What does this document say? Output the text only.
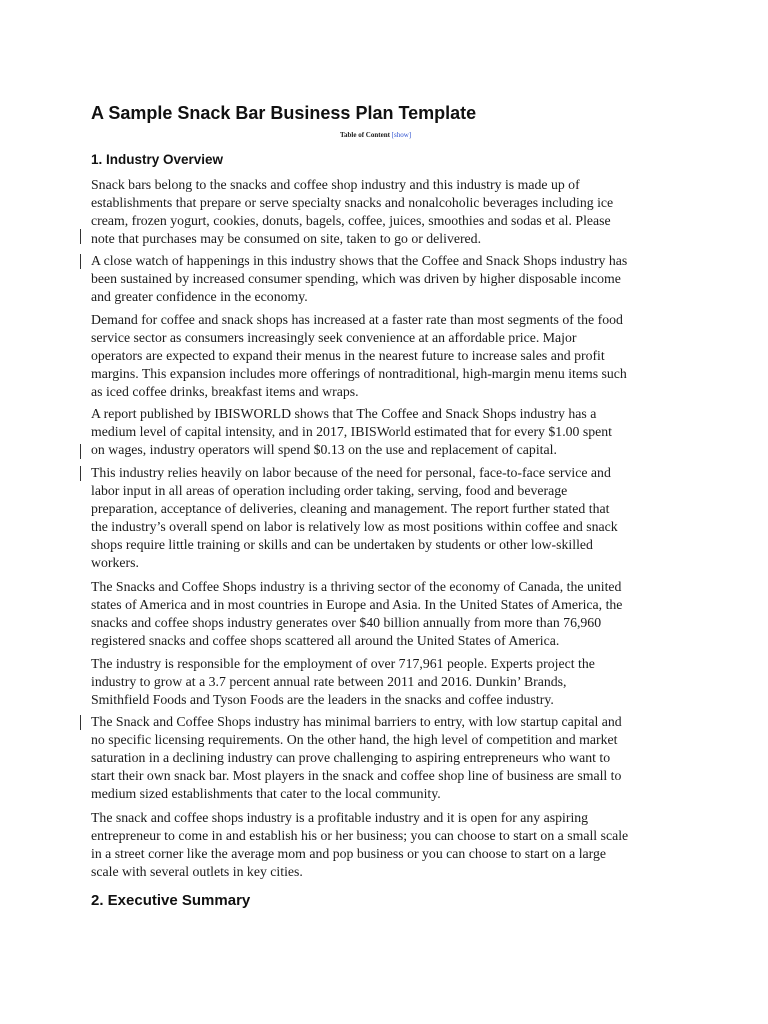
A Sample Snack Bar Business Plan Template
Table of Content [show]
1. Industry Overview

Snack bars belong to the snacks and coffee shop industry and this industry is made up of
establishments that prepare or serve specialty snacks and nonalcoholic beverages including ice
cream, frozen yogurt, cookies, donuts, bagels, coffee, juices, smoothies and sodas et al. Please
note that purchases may be consumed on site, taken to go or delivered.

A close watch of happenings in this industry shows that the Coffee and Snack Shops industry has
been sustained by increased consumer spending, which was driven by higher disposable income
and greater confidence in the economy.

Demand for coffee and snack shops has increased at a faster rate than most segments of the food
service sector as consumers increasingly seek convenience at an affordable price. Major
operators are expected to expand their menus in the nearest future to increase sales and profit
margins. This expansion includes more offerings of nontraditional, high-margin menu items such
as iced coffee drinks, breakfast items and wraps.

A report published by IBISWORLD shows that The Coffee and Snack Shops industry has a
medium level of capital intensity, and in 2017, IBISWorld estimated that for every $1.00 spent
on wages, industry operators will spend $0.13 on the use and replacement of capital.

This industry relies heavily on labor because of the need for personal, face-to-face service and
labor input in all areas of operation including order taking, serving, food and beverage
preparation, acceptance of deliveries, cleaning and management. The report further stated that
the industry’s overall spend on labor is relatively low as most positions within coffee and snack
shops require little training or skills and can be undertaken by students or other low-skilled
workers.

The Snacks and Coffee Shops industry is a thriving sector of the economy of Canada, the united
states of America and in most countries in Europe and Asia. In the United States of America, the
snacks and coffee shops industry generates over $40 billion annually from more than 76,960
registered snacks and coffee shops scattered all around the United States of America.

The industry is responsible for the employment of over 717,961 people. Experts project the
industry to grow at a 3.7 percent annual rate between 2011 and 2016. Dunkin’ Brands,
Smithfield Foods and Tyson Foods are the leaders in the snacks and coffee industry.

The Snack and Coffee Shops industry has minimal barriers to entry, with low startup capital and
no specific licensing requirements. On the other hand, the high level of competition and market
saturation in a declining industry can prove challenging to aspiring entrepreneurs who want to
start their own snack bar. Most players in the snack and coffee shop line of business are small to
medium sized establishments that cater to the local community.

The snack and coffee shops industry is a profitable industry and it is open for any aspiring
entrepreneur to come in and establish his or her business; you can choose to start on a small scale
in a street corner like the average mom and pop business or you can choose to start on a large
scale with several outlets in key cities.

2. Executive Summary
